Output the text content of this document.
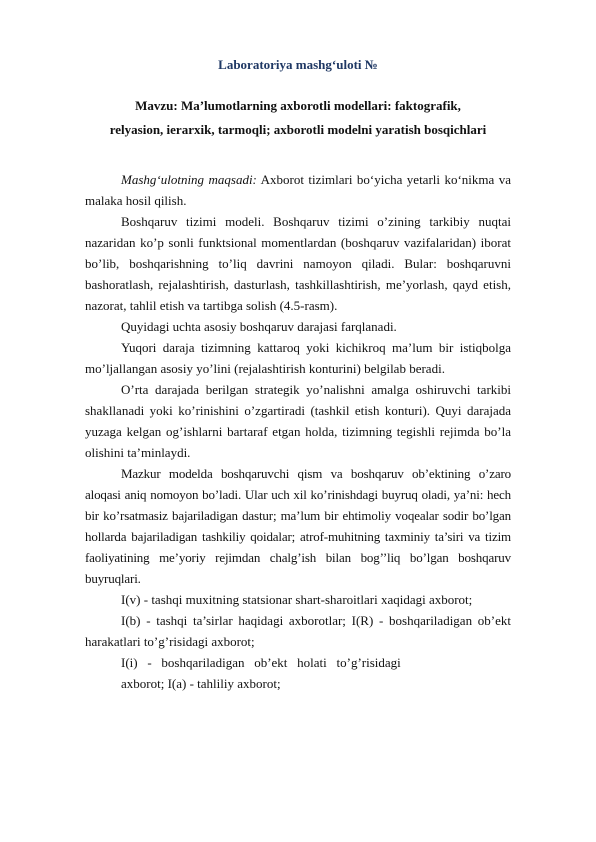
Laboratoriya mashg‘uloti №
Mavzu: Ma’lumotlarning axborotli modellari: faktografik,
relyasion, ierarxik, tarmoqli; axborotli modelni yaratish bosqichlari

Mashg‘ulotning maqsadi: Axborot tizimlari bo‘yicha yetarli ko‘nikma va malaka hosil qilish.

Boshqaruv tizimi modeli. Boshqaruv tizimi o’zining tarkibiy nuqtai nazaridan ko’p sonli funktsional momentlardan (boshqaruv vazifalaridan) iborat bo’lib, boshqarishning to’liq davrini namoyon qiladi. Bular: boshqaruvni bashoratlash, rejalashtirish, dasturlash, tashkillashtirish, me’yorlash, qayd etish, nazorat, tahlil etish va tartibga solish (4.5-rasm).

Quyidagi uchta asosiy boshqaruv darajasi farqlanadi.

Yuqori daraja tizimning kattaroq yoki kichikroq ma’lum bir istiqbolga mo’ljallangan asosiy yo’lini (rejalashtirish konturini) belgilab beradi.

O’rta darajada berilgan strategik yo’nalishni amalga oshiruvchi tarkibi shakllanadi yoki ko’rinishini o’zgartiradi (tashkil etish konturi). Quyi darajada yuzaga kelgan og’ishlarni bartaraf etgan holda, tizimning tegishli rejimda bo’la olishini ta’minlaydi.

Mazkur modelda boshqaruvchi qism va boshqaruv ob’ektining o’zaro aloqasi aniq nomoyon bo’ladi. Ular uch xil ko’rinishdagi buyruq oladi, ya’ni: hech bir ko’rsatmasiz bajariladigan dastur; ma’lum bir ehtimoliy voqealar sodir bo’lgan hollarda bajariladigan tashkiliy qoidalar; atrof-muhitning taxminiy ta’siri va tizim faoliyatining me’yoriy rejimdan chalg’ish bilan bog’’liq bo’lgan boshqaruv buyruqlari.

I(v) - tashqi muxitning statsionar shart-sharoitlari xaqidagi axborot;

I(b) - tashqi ta’sirlar haqidagi axborotlar; I(R) - boshqariladigan ob’ekt harakatlari to’g’risidagi axborot;

I(i)   -   boshqariladigan   ob’ekt   holati   to’g’risidagi

axborot; I(a) - tahliliy axborot;
